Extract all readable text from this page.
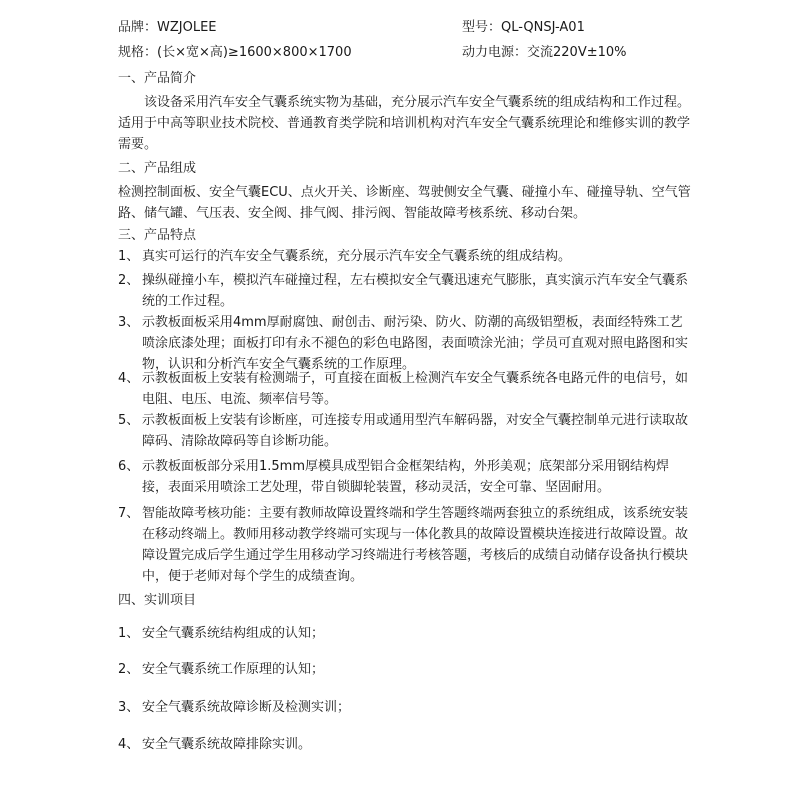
品牌：WZJOLEE	型号：QL-QNSJ-A01

规格：(长×宽×高)≥1600×800×1700	动力电源：交流220V±10%

一、产品简介

　　该设备采用汽车安全气囊系统实物为基础，充分展示汽车安全气囊系统的组成结构和工作过程。适用于中高等职业技术院校、普通教育类学院和培训机构对汽车安全气囊系统理论和维修实训的教学需要。

二、产品组成

检测控制面板、安全气囊ECU、点火开关、诊断座、驾驶侧安全气囊、碰撞小车、碰撞导轨、空气管路、储气罐、气压表、安全阀、排气阀、排污阀、智能故障考核系统、移动台架。

三、产品特点

1、 真实可运行的汽车安全气囊系统，充分展示汽车安全气囊系统的组成结构。
2、 操纵碰撞小车，模拟汽车碰撞过程，左右模拟安全气囊迅速充气膨胀，真实演示汽车安全气囊系统的工作过程。
3、 示教板面板采用4mm厚耐腐蚀、耐创击、耐污染、防火、防潮的高级铝塑板，表面经特殊工艺喷涂底漆处理；面板打印有永不褪色的彩色电路图，表面喷涂光油；学员可直观对照电路图和实物，认识和分析汽车安全气囊系统的工作原理。
4、 示教板面板上安装有检测端子，可直接在面板上检测汽车安全气囊系统各电路元件的电信号，如电阻、电压、电流、频率信号等。
5、 示教板面板上安装有诊断座，可连接专用或通用型汽车解码器，对安全气囊控制单元进行读取故障码、清除故障码等自诊断功能。
6、 示教板面板部分采用1.5mm厚模具成型铝合金框架结构，外形美观；底架部分采用钢结构焊接，表面采用喷涂工艺处理，带自锁脚轮装置，移动灵活，安全可靠、坚固耐用。
7、 智能故障考核功能：主要有教师故障设置终端和学生答题终端两套独立的系统组成，该系统安装在移动终端上。教师用移动教学终端可实现与一体化教具的故障设置模块连接进行故障设置。故障设置完成后学生通过学生用移动学习终端进行考核答题，考核后的成绩自动储存设备执行模块中，便于老师对每个学生的成绩查询。

四、实训项目

1、 安全气囊系统结构组成的认知；
2、 安全气囊系统工作原理的认知；
3、 安全气囊系统故障诊断及检测实训；
4、 安全气囊系统故障排除实训。
